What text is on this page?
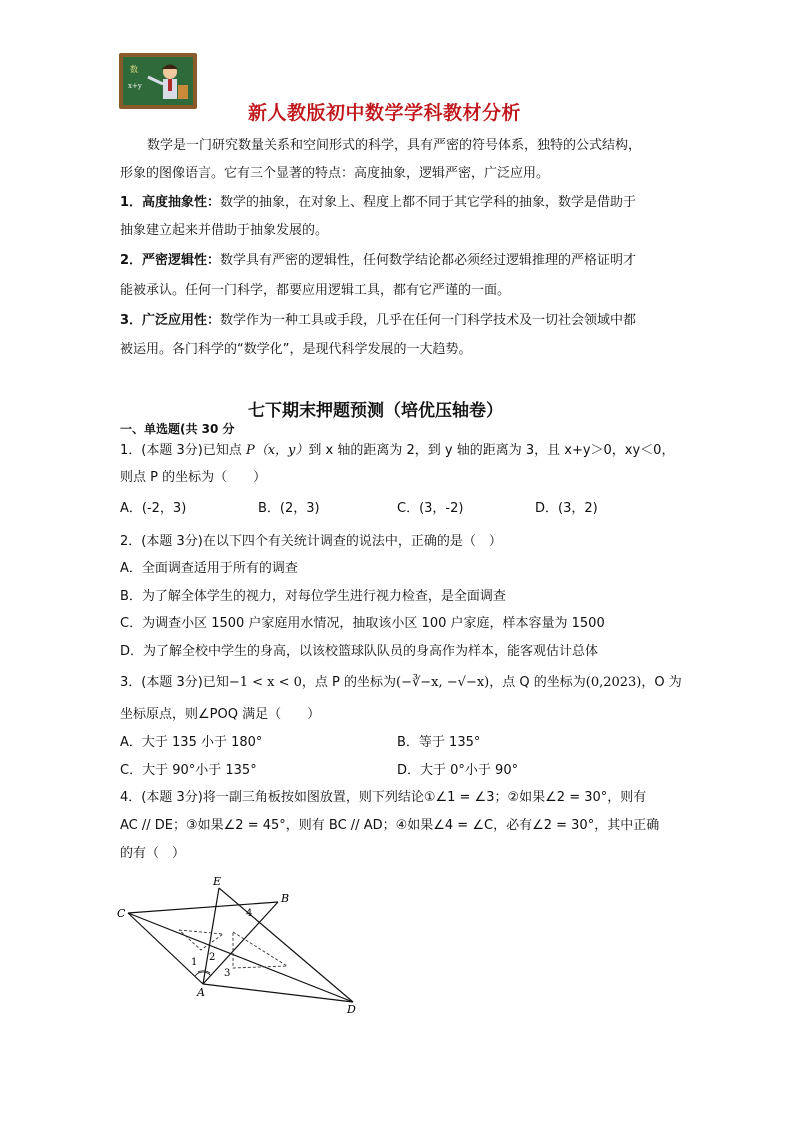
数
x+y
新人教版初中数学学科教材分析
数学是一门研究数量关系和空间形式的科学，具有严密的符号体系，独特的公式结构，
形象的图像语言。它有三个显著的特点：高度抽象，逻辑严密，广泛应用。
1．高度抽象性：数学的抽象，在对象上、程度上都不同于其它学科的抽象，数学是借助于
抽象建立起来并借助于抽象发展的。
2．严密逻辑性：数学具有严密的逻辑性，任何数学结论都必须经过逻辑推理的严格证明才
能被承认。任何一门科学，都要应用逻辑工具，都有它严谨的一面。
3．广泛应用性：数学作为一种工具或手段，几乎在任何一门科学技术及一切社会领域中都
被运用。各门科学的“数学化”，是现代科学发展的一大趋势。
七下期末押题预测（培优压轴卷）
一、单选题(共 30 分
1．(本题 3分)已知点 P（x，y）到 x 轴的距离为 2，到 y 轴的距离为 3，且 x+y＞0，xy＜0，
则点 P 的坐标为（　　）
A．(-2，3)	B．(2，3)	C．(3，-2)	D．(3，2)
2．(本题 3分)在以下四个有关统计调查的说法中，正确的是（　）
A．全面调查适用于所有的调查
B．为了解全体学生的视力，对每位学生进行视力检查，是全面调查
C．为调查小区 1500 户家庭用水情况，抽取该小区 100 户家庭，样本容量为 1500
D．为了解全校中学生的身高，以该校篮球队队员的身高作为样本，能客观估计总体
3．(本题 3分)已知−1 < x < 0，点 P 的坐标为(−∛−x, −√−x)，点 Q 的坐标为(0,2023)，O 为
坐标原点，则∠POQ 满足（　　）
A．大于 135 小于 180°	B．等于 135°
C．大于 90°小于 135°	D．大于 0°小于 90°
4．(本题 3分)将一副三角板按如图放置，则下列结论①∠1 = ∠3；②如果∠2 = 30°，则有
AC // DE；③如果∠2 = 45°，则有 BC // AD；④如果∠4 = ∠C，必有∠2 = 30°，其中正确
的有（　）
E
B
C
A
D
1 2
3
4
